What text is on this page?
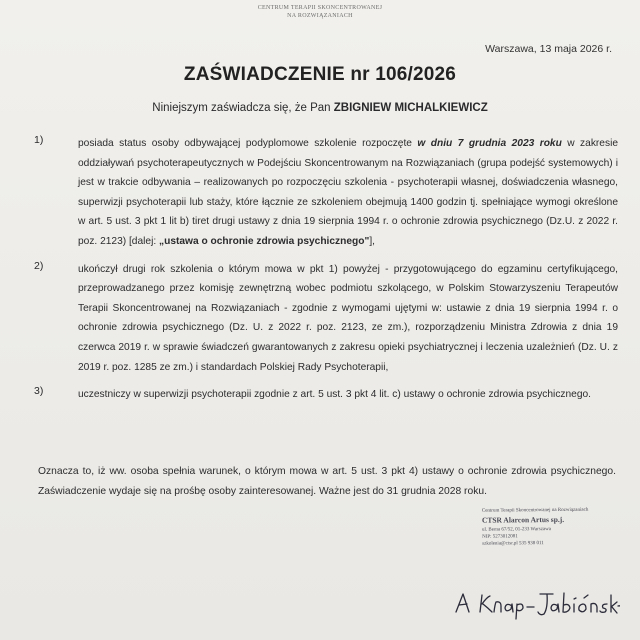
CENTRUM TERAPII SKONCENTROWANEJ
NA ROZWIĄZANIACH
Warszawa, 13 maja 2026 r.
ZAŚWIADCZENIE nr 106/2026
Niniejszym zaświadcza się, że Pan ZBIGNIEW MICHALKIEWICZ
1)	posiada status osoby odbywającej podyplomowe szkolenie rozpoczęte w dniu 7 grudnia 2023 roku w zakresie oddziaływań psychoterapeutycznych w Podejściu Skoncentrowanym na Rozwiązaniach (grupa podejść systemowych) i jest w trakcie odbywania – realizowanych po rozpoczęciu szkolenia - psychoterapii własnej, doświadczenia własnego, superwizji psychoterapii lub staży, które łącznie ze szkoleniem obejmują 1400 godzin tj. spełniające wymogi określone w art. 5 ust. 3 pkt 1 lit b) tiret drugi ustawy z dnia 19 sierpnia 1994 r. o ochronie zdrowia psychicznego (Dz.U. z 2022 r. poz. 2123) [dalej: „ustawa o ochronie zdrowia psychicznego"],
2)	ukończył drugi rok szkolenia o którym mowa w pkt 1) powyżej - przygotowującego do egzaminu certyfikującego, przeprowadzanego przez komisję zewnętrzną wobec podmiotu szkolącego, w Polskim Stowarzyszeniu Terapeutów Terapii Skoncentrowanej na Rozwiązaniach - zgodnie z wymogami ujętymi w: ustawie z dnia 19 sierpnia 1994 r. o ochronie zdrowia psychicznego (Dz. U. z 2022 r. poz. 2123, ze zm.), rozporządzeniu Ministra Zdrowia z dnia 19 czerwca 2019 r. w sprawie świadczeń gwarantowanych z zakresu opieki psychiatrycznej i leczenia uzależnień (Dz. U. z 2019 r. poz. 1285 ze zm.) i standardach Polskiej Rady Psychoterapii,
3)	uczestniczy w superwizji psychoterapii zgodnie z art. 5 ust. 3 pkt 4 lit. c) ustawy o ochronie zdrowia psychicznego.
Oznacza to, iż ww. osoba spełnia warunek, o którym mowa w art. 5 ust. 3 pkt 4) ustawy o ochronie zdrowia psychicznego. Zaświadczenie wydaje się na prośbę osoby zainteresowanej. Ważne jest do 31 grudnia 2028 roku.
Centrum Terapii Skoncentrowanej na Rozwiązaniach
CTSR Alarcon Artus sp.j.
ul. Bema 67/52, 01-233 Warszawa
NIP: 5273012081
szkolenia@ctsr.pl 535 938 011
